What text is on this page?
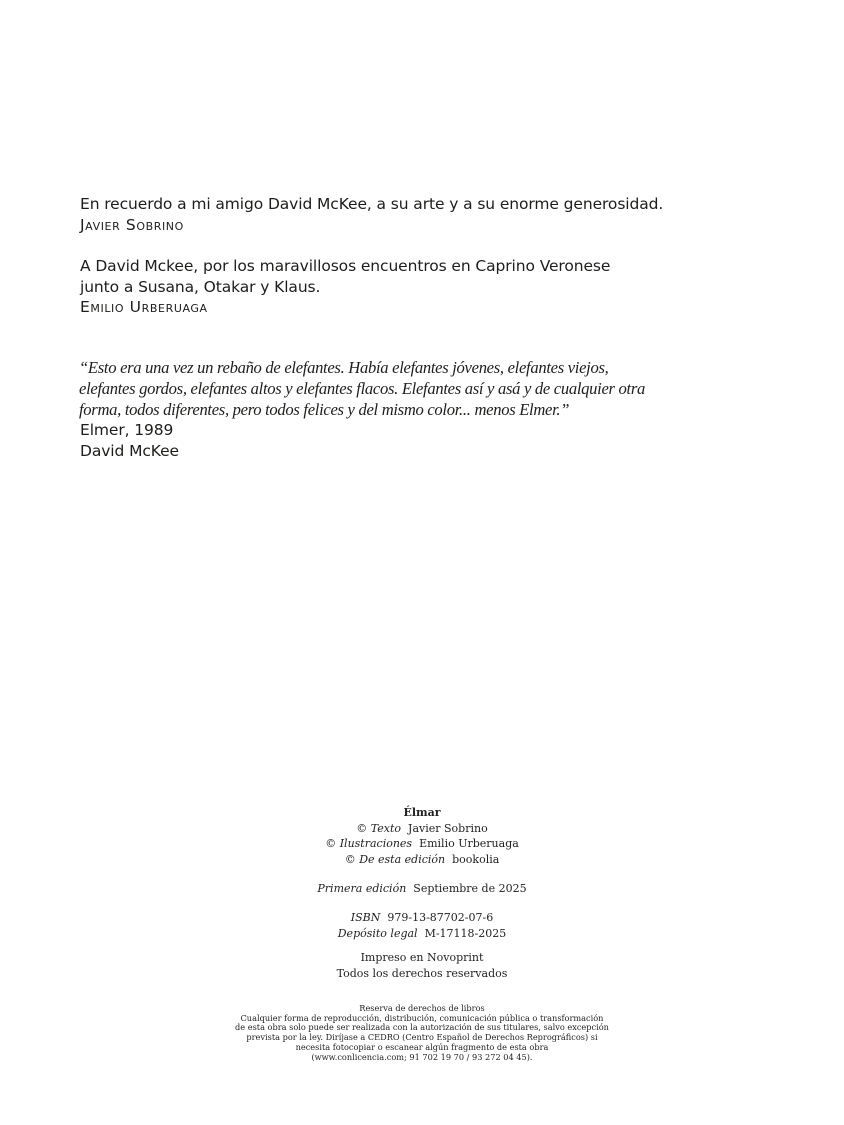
En recuerdo a mi amigo David McKee, a su arte y a su enorme generosidad.
Javier Sobrino
A David Mckee, por los maravillosos encuentros en Caprino Veronese
junto a Susana, Otakar y Klaus.
Emilio Urberuaga
“Esto era una vez un rebaño de elefantes. Había elefantes jóvenes, elefantes viejos,
elefantes gordos, elefantes altos y elefantes flacos. Elefantes así y asá y de cualquier otra
forma, todos diferentes, pero todos felices y del mismo color... menos Elmer.”
Elmer, 1989
David McKee
Élmar
© Texto Javier Sobrino
© Ilustraciones Emilio Urberuaga
© De esta edición bookolia
Primera edición Septiembre de 2025
ISBN 979-13-87702-07-6
Depósito legal M-17118-2025
Impreso en Novoprint
Todos los derechos reservados
Reserva de derechos de libros
Cualquier forma de reproducción, distribución, comunicación pública o transformación
de esta obra solo puede ser realizada con la autorización de sus titulares, salvo excepción
prevista por la ley. Diríjase a CEDRO (Centro Español de Derechos Reprográficos) si
necesita fotocopiar o escanear algún fragmento de esta obra
(www.conlicencia.com; 91 702 19 70 / 93 272 04 45).
